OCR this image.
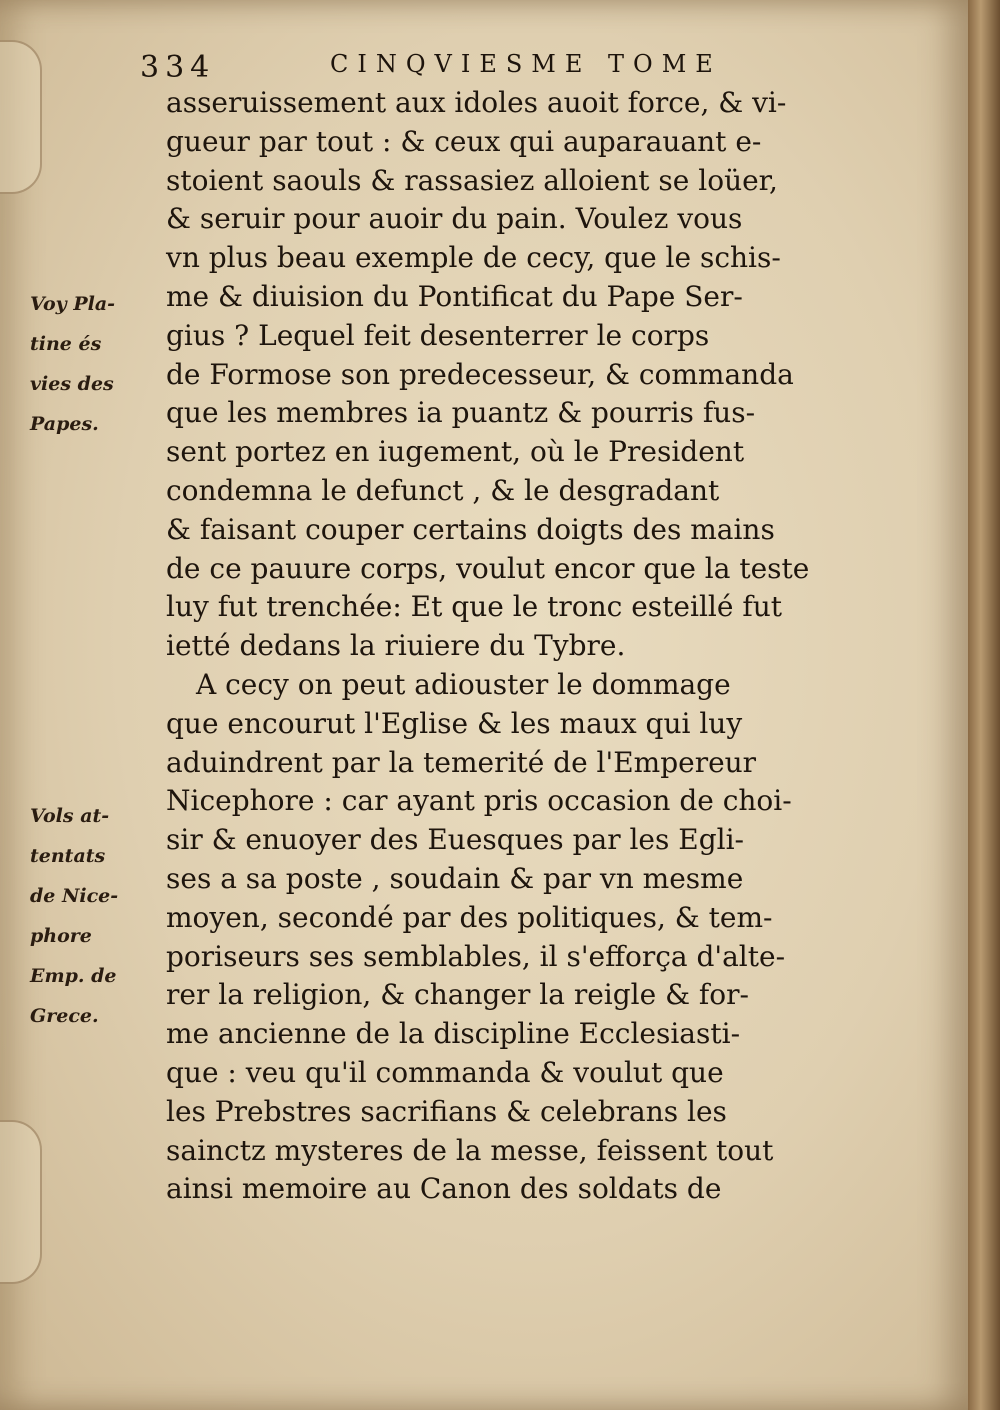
334	CINQVIESME TOME
Voy Pla-
tine és
vies des
Papes.
Vols at-
tentats
de Nice-
phore
Emp. de
Grece.
asseruissement aux idoles auoit force, & vi-
gueur par tout : & ceux qui auparauant e-
stoient saouls & rassasiez alloient se loüer,
& seruir pour auoir du pain. Voulez vous
vn plus beau exemple de cecy, que le schis-
me & diuision du Pontificat du Pape Ser-
gius ? Lequel feit desenterrer le corps
de Formose son predecesseur, & commanda
que les membres ia puantz & pourris fus-
sent portez en iugement, où le President
condemna le defunct , & le desgradant
& faisant couper certains doigts des mains
de ce pauure corps, voulut encor que la teste
luy fut trenchée: Et que le tronc esteillé fut
ietté dedans la riuiere du Tybre.
A cecy on peut adiouster le dommage
que encourut l'Eglise & les maux qui luy
aduindrent par la temerité de l'Empereur
Nicephore : car ayant pris occasion de choi-
sir & enuoyer des Euesques par les Egli-
ses a sa poste , soudain & par vn mesme
moyen, secondé par des politiques, & tem-
poriseurs ses semblables, il s'efforça d'alte-
rer la religion, & changer la reigle & for-
me ancienne de la discipline Ecclesiasti-
que : veu qu'il commanda & voulut que
les Prebstres sacrifians & celebrans les
sainctz mysteres de la messe, feissent tout
ainsi memoire au Canon des soldats de
